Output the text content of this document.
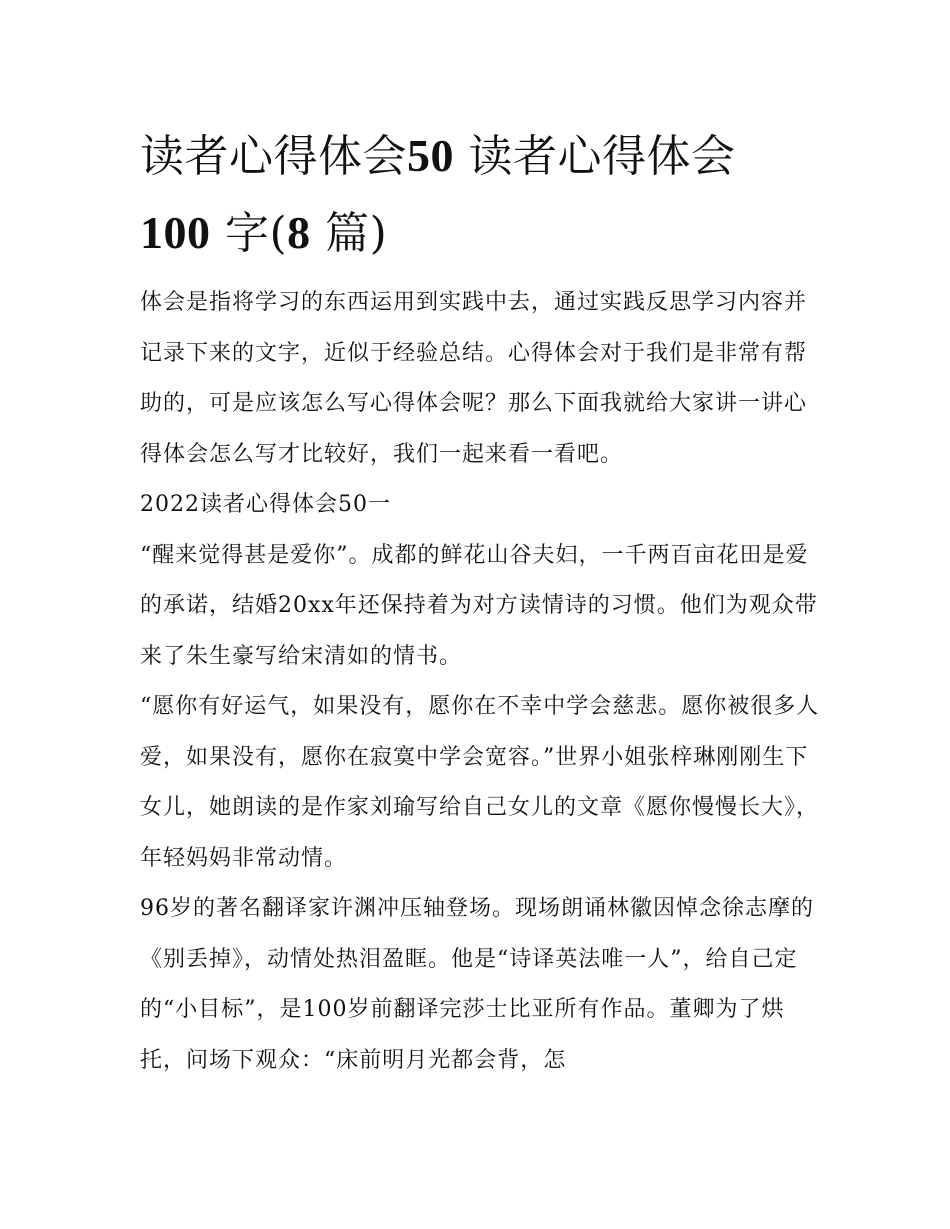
读者心得体会50 读者心得体会
100 字(8 篇)

体会是指将学习的东西运用到实践中去，通过实践反思学习内容并记录下来的文字，近似于经验总结。心得体会对于我们是非常有帮助的，可是应该怎么写心得体会呢？那么下面我就给大家讲一讲心得体会怎么写才比较好，我们一起来看一看吧。

2022读者心得体会50一

“醒来觉得甚是爱你”。成都的鲜花山谷夫妇，一千两百亩花田是爱的承诺，结婚20xx年还保持着为对方读情诗的习惯。他们为观众带来了朱生豪写给宋清如的情书。

“愿你有好运气，如果没有，愿你在不幸中学会慈悲。愿你被很多人爱，如果没有，愿你在寂寞中学会宽容。”世界小姐张梓琳刚刚生下女儿，她朗读的是作家刘瑜写给自己女儿的文章《愿你慢慢长大》，年轻妈妈非常动情。

96岁的著名翻译家许渊冲压轴登场。现场朗诵林徽因悼念徐志摩的《别丢掉》，动情处热泪盈眶。他是“诗译英法唯一人”，给自己定的“小目标”，是100岁前翻译完莎士比亚所有作品。董卿为了烘托，问场下观众：“床前明月光都会背，怎
